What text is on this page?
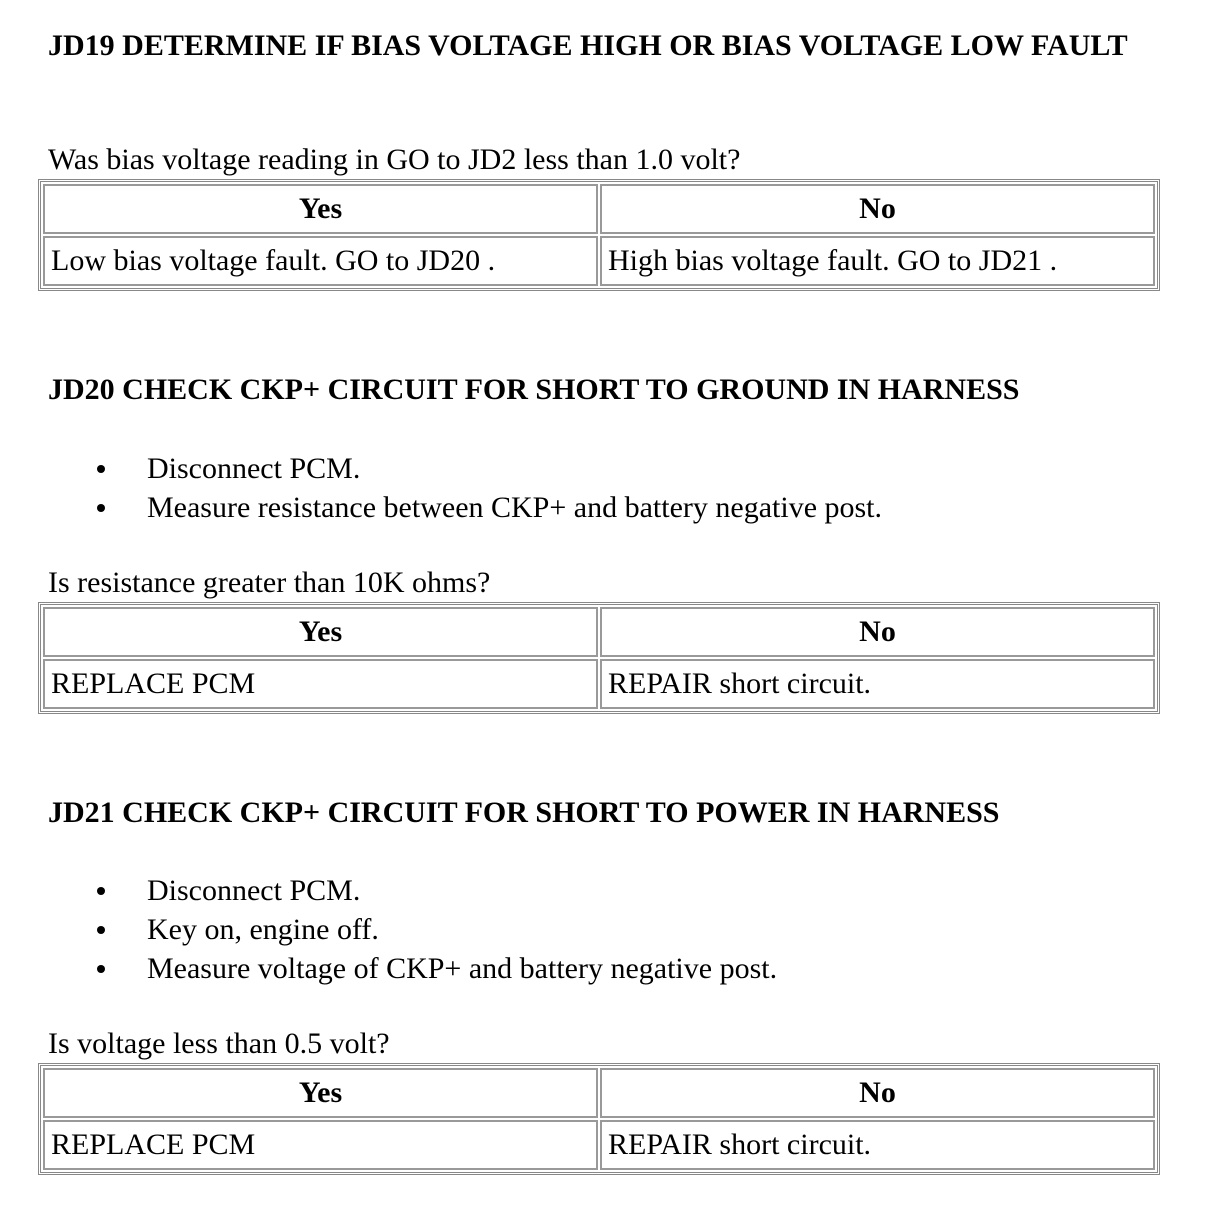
JD19 DETERMINE IF BIAS VOLTAGE HIGH OR BIAS VOLTAGE LOW FAULT

Was bias voltage reading in GO to JD2 less than 1.0 volt?

Yes	No
Low bias voltage fault. GO to JD20 .	High bias voltage fault. GO to JD21 .
JD20 CHECK CKP+ CIRCUIT FOR SHORT TO GROUND IN HARNESS
Disconnect PCM.
Measure resistance between CKP+ and battery negative post.

Is resistance greater than 10K ohms?

Yes	No
REPLACE PCM	REPAIR short circuit.
JD21 CHECK CKP+ CIRCUIT FOR SHORT TO POWER IN HARNESS
Disconnect PCM.
Key on, engine off.
Measure voltage of CKP+ and battery negative post.

Is voltage less than 0.5 volt?

Yes	No
REPLACE PCM	REPAIR short circuit.
